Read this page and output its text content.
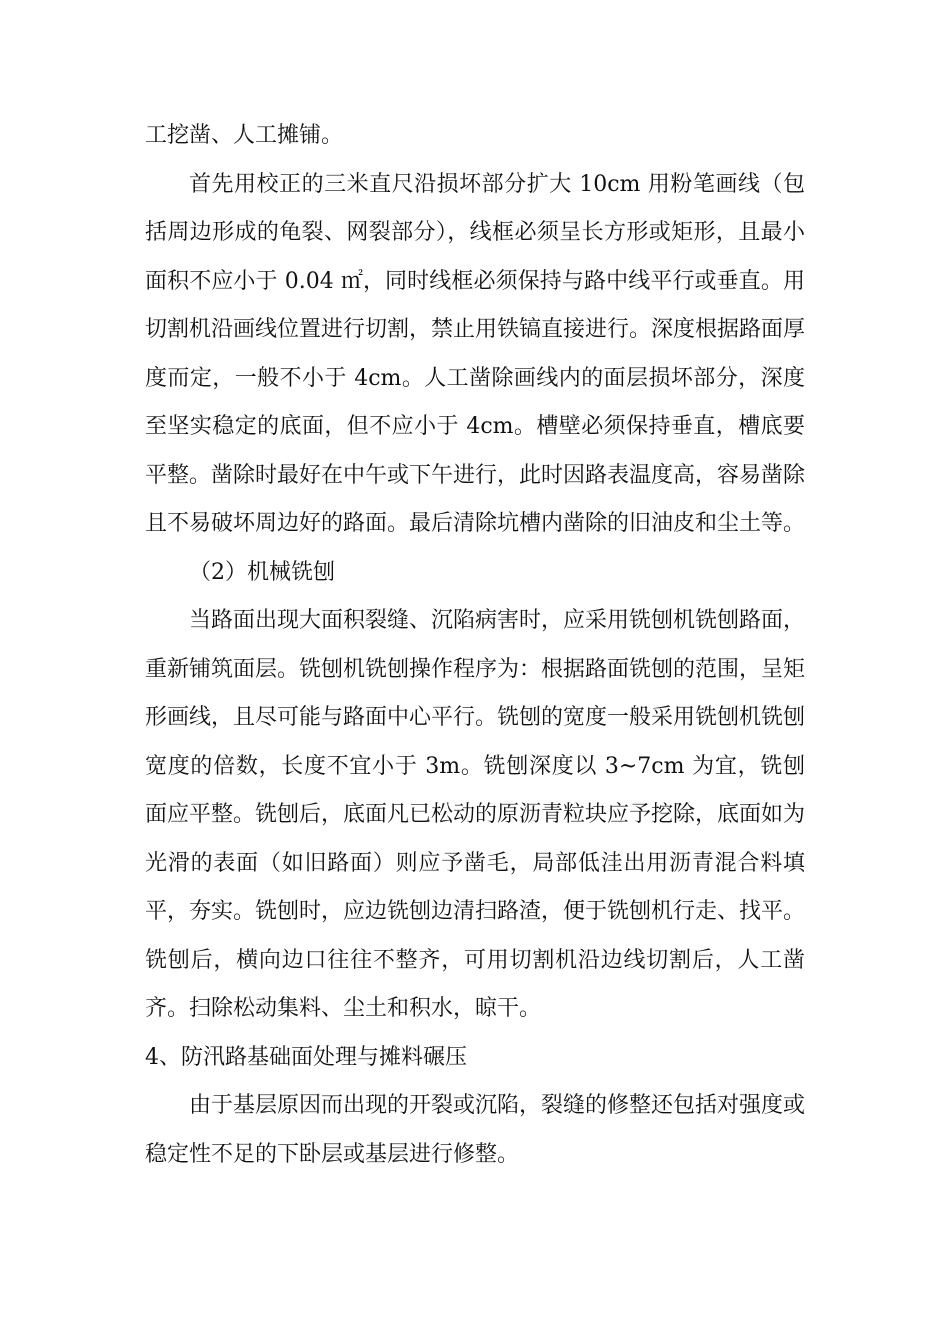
工挖凿、人工摊铺。

首先用校正的三米直尺沿损坏部分扩大 10cm 用粉笔画线（包括周边形成的龟裂、网裂部分），线框必须呈长方形或矩形，且最小面积不应小于 0.04 ㎡，同时线框必须保持与路中线平行或垂直。用切割机沿画线位置进行切割，禁止用铁镐直接进行。深度根据路面厚度而定，一般不小于 4cm。人工凿除画线内的面层损坏部分，深度至坚实稳定的底面，但不应小于 4cm。槽壁必须保持垂直，槽底要平整。凿除时最好在中午或下午进行，此时因路表温度高，容易凿除且不易破坏周边好的路面。最后清除坑槽内凿除的旧油皮和尘土等。

（2）机械铣刨

当路面出现大面积裂缝、沉陷病害时，应采用铣刨机铣刨路面，重新铺筑面层。铣刨机铣刨操作程序为：根据路面铣刨的范围，呈矩形画线，且尽可能与路面中心平行。铣刨的宽度一般采用铣刨机铣刨宽度的倍数，长度不宜小于 3m。铣刨深度以 3~7cm 为宜，铣刨面应平整。铣刨后，底面凡已松动的原沥青粒块应予挖除，底面如为光滑的表面（如旧路面）则应予凿毛，局部低洼出用沥青混合料填平，夯实。铣刨时，应边铣刨边清扫路渣，便于铣刨机行走、找平。铣刨后，横向边口往往不整齐，可用切割机沿边线切割后，人工凿齐。扫除松动集料、尘土和积水，晾干。

4、防汛路基础面处理与摊料碾压

由于基层原因而出现的开裂或沉陷，裂缝的修整还包括对强度或稳定性不足的下卧层或基层进行修整。
